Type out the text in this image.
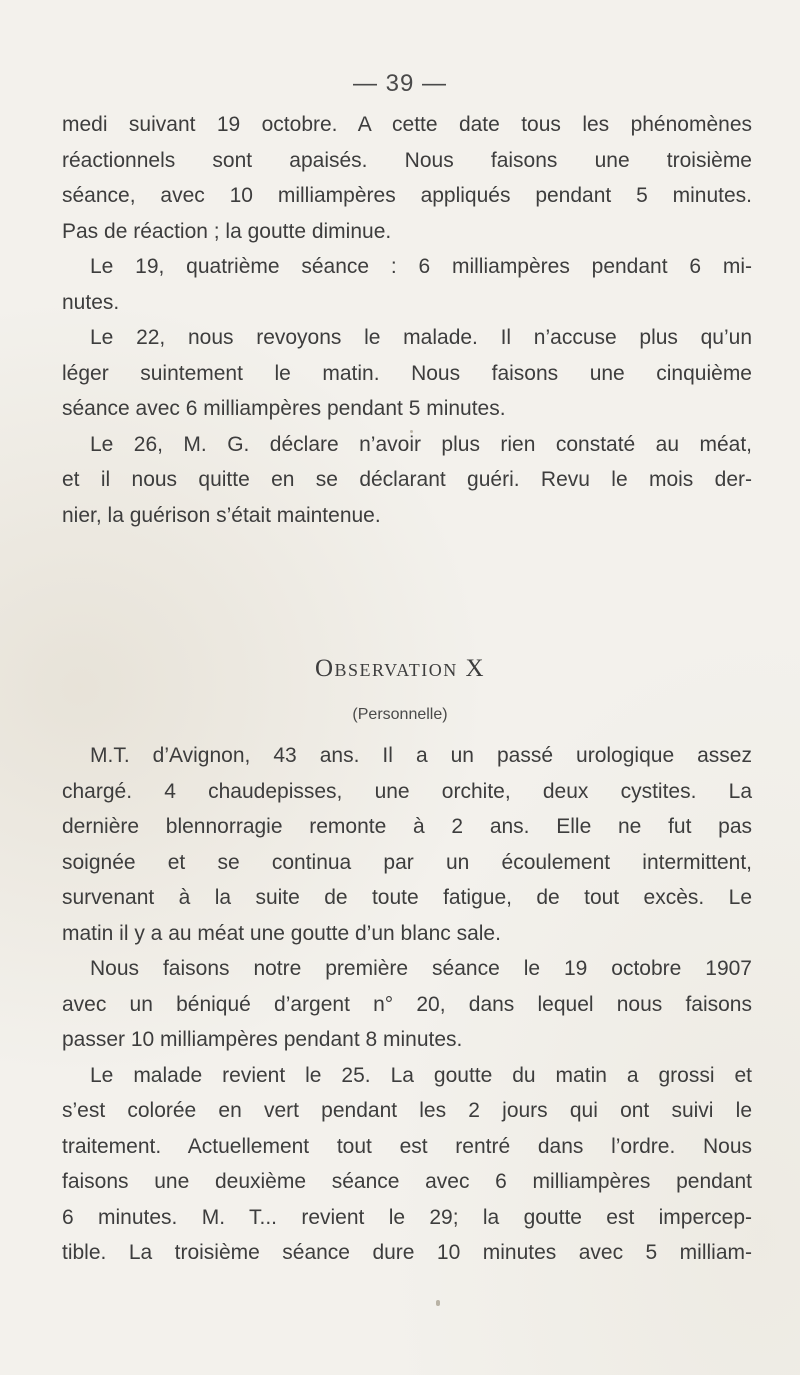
— 39 —
medi suivant 19 octobre. A cette date tous les phénomènes
réactionnels sont apaisés. Nous faisons une troisième
séance, avec 10 milliampères appliqués pendant 5 minutes.
Pas de réaction ; la goutte diminue.
Le 19, quatrième séance : 6 milliampères pendant 6 mi-
nutes.
Le 22, nous revoyons le malade. Il n’accuse plus qu’un
léger suintement le matin. Nous faisons une cinquième
séance avec 6 milliampères pendant 5 minutes.
Le 26, M. G. déclare n’avoir plus rien constaté au méat,
et il nous quitte en se déclarant guéri. Revu le mois der-
nier, la guérison s’était maintenue.
Observation X
(Personnelle)
M.T. d’Avignon, 43 ans. Il a un passé urologique assez
chargé. 4 chaudepisses, une orchite, deux cystites. La
dernière blennorragie remonte à 2 ans. Elle ne fut pas
soignée et se continua par un écoulement intermittent,
survenant à la suite de toute fatigue, de tout excès. Le
matin il y a au méat une goutte d’un blanc sale.
Nous faisons notre première séance le 19 octobre 1907
avec un béniqué d’argent n° 20, dans lequel nous faisons
passer 10 milliampères pendant 8 minutes.
Le malade revient le 25. La goutte du matin a grossi et
s’est colorée en vert pendant les 2 jours qui ont suivi le
traitement. Actuellement tout est rentré dans l’ordre. Nous
faisons une deuxième séance avec 6 milliampères pendant
6 minutes. M. T... revient le 29; la goutte est impercep-
tible. La troisième séance dure 10 minutes avec 5 milliam-
